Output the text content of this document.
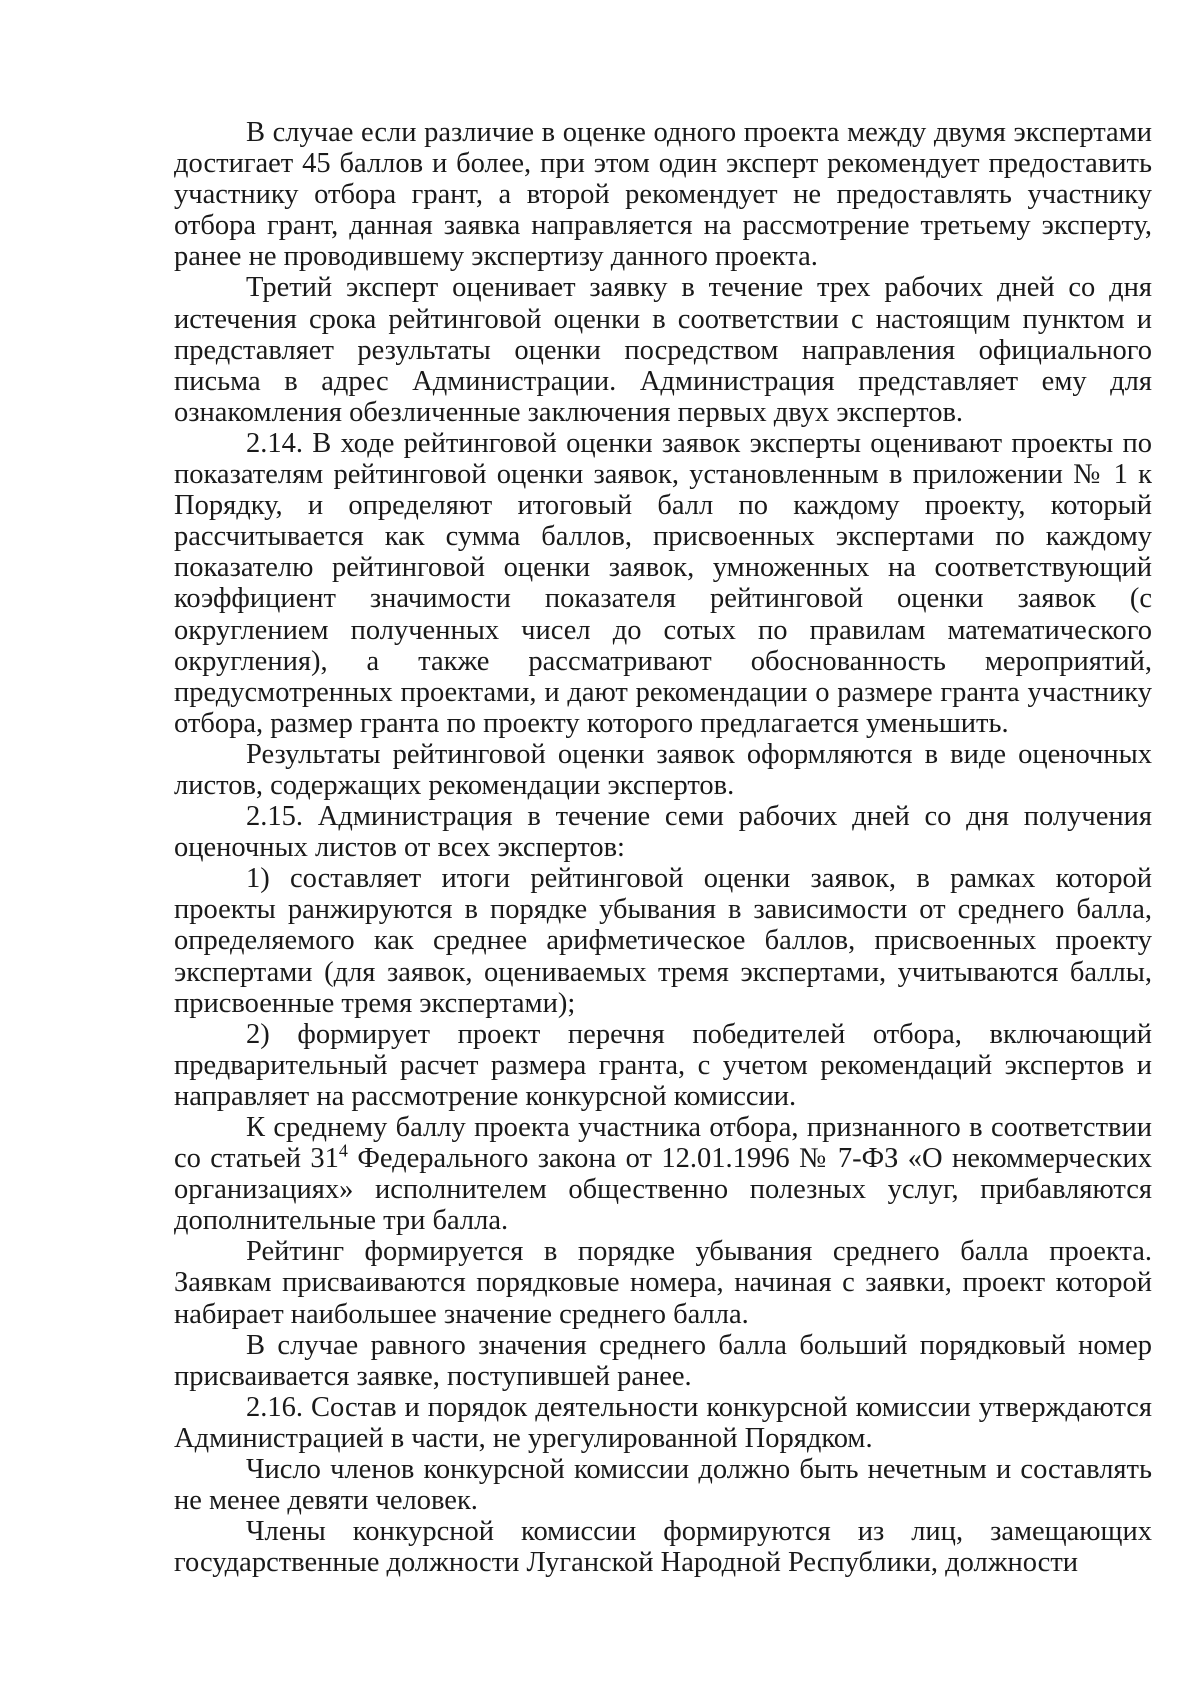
В случае если различие в оценке одного проекта между двумя экспертами достигает 45 баллов и более, при этом один эксперт рекомендует предоставить участнику отбора грант, а второй рекомендует не предоставлять участнику отбора грант, данная заявка направляется на рассмотрение третьему эксперту, ранее не проводившему экспертизу данного проекта.

Третий эксперт оценивает заявку в течение трех рабочих дней со дня истечения срока рейтинговой оценки в соответствии с настоящим пунктом и представляет результаты оценки посредством направления официального письма в адрес Администрации. Администрация представляет ему для ознакомления обезличенные заключения первых двух экспертов.

2.14. В ходе рейтинговой оценки заявок эксперты оценивают проекты по показателям рейтинговой оценки заявок, установленным в приложении № 1 к Порядку, и определяют итоговый балл по каждому проекту, который рассчитывается как сумма баллов, присвоенных экспертами по каждому показателю рейтинговой оценки заявок, умноженных на соответствующий коэффициент значимости показателя рейтинговой оценки заявок (с округлением полученных чисел до сотых по правилам математического округления), а также рассматривают обоснованность мероприятий, предусмотренных проектами, и дают рекомендации о размере гранта участнику отбора, размер гранта по проекту которого предлагается уменьшить.

Результаты рейтинговой оценки заявок оформляются в виде оценочных листов, содержащих рекомендации экспертов.

2.15. Администрация в течение семи рабочих дней со дня получения оценочных листов от всех экспертов:

1) составляет итоги рейтинговой оценки заявок, в рамках которой проекты ранжируются в порядке убывания в зависимости от среднего балла, определяемого как среднее арифметическое баллов, присвоенных проекту экспертами (для заявок, оцениваемых тремя экспертами, учитываются баллы, присвоенные тремя экспертами);

2) формирует проект перечня победителей отбора, включающий предварительный расчет размера гранта, с учетом рекомендаций экспертов и направляет на рассмотрение конкурсной комиссии.

К среднему баллу проекта участника отбора, признанного в соответствии со статьей $31^4$ Федерального закона от 12.01.1996 № 7-ФЗ «О некоммерческих организациях» исполнителем общественно полезных услуг, прибавляются дополнительные три балла.

Рейтинг формируется в порядке убывания среднего балла проекта. Заявкам присваиваются порядковые номера, начиная с заявки, проект которой набирает наибольшее значение среднего балла.

В случае равного значения среднего балла больший порядковый номер присваивается заявке, поступившей ранее.

2.16. Состав и порядок деятельности конкурсной комиссии утверждаются Администрацией в части, не урегулированной Порядком.

Число членов конкурсной комиссии должно быть нечетным и составлять не менее девяти человек.

Члены конкурсной комиссии формируются из лиц, замещающих государственные должности Луганской Народной Республики, должности
